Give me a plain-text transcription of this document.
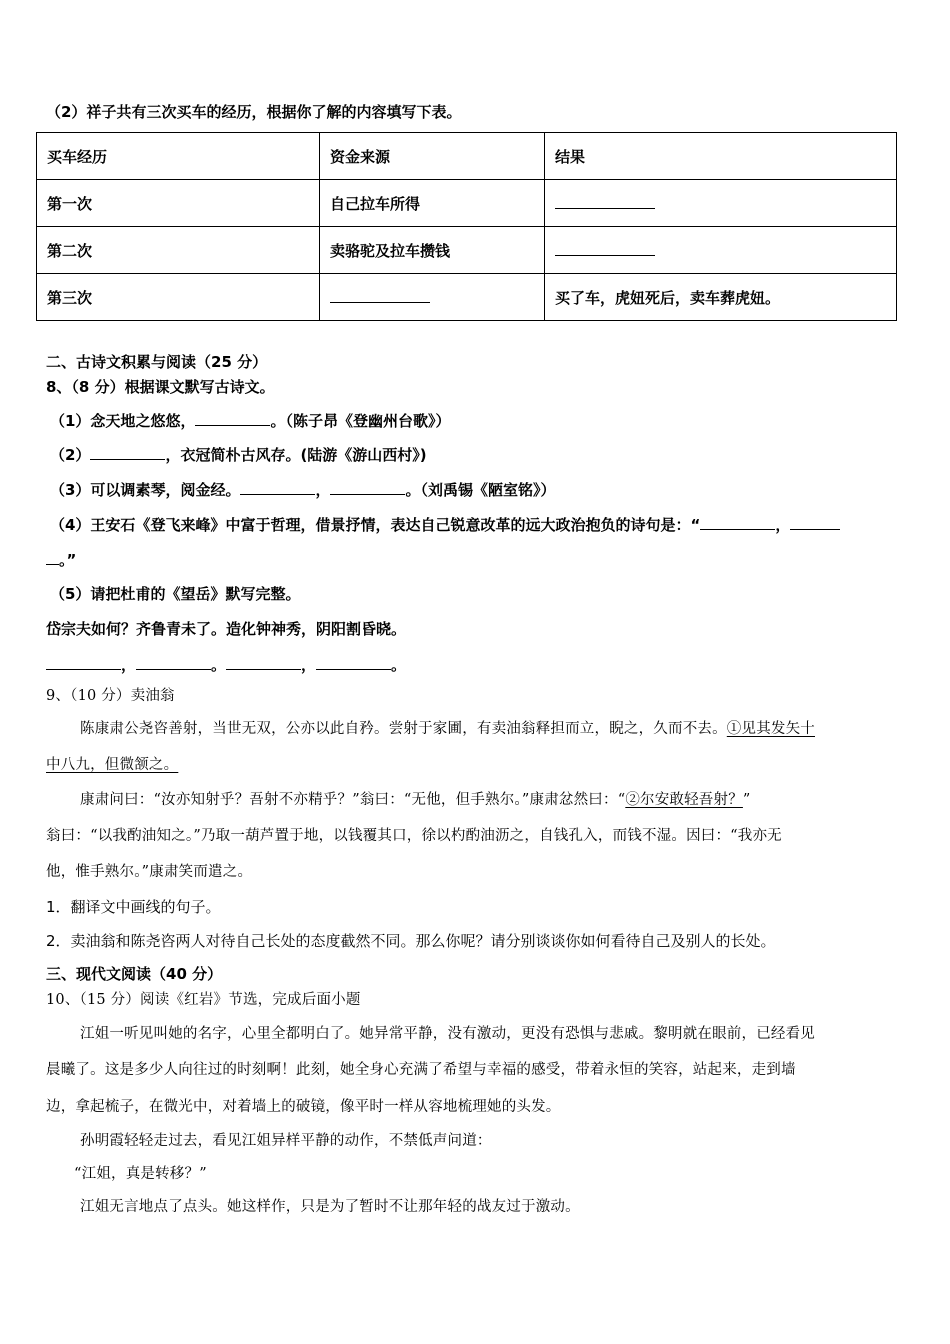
（2）祥子共有三次买车的经历，根据你了解的内容填写下表。
买车经历	资金来源	结果
第一次	自己拉车所得	
第二次	卖骆驼及拉车攒钱	
第三次		买了车，虎妞死后，卖车葬虎妞。
二、古诗文积累与阅读（25 分）
8、（8 分）根据课文默写古诗文。
（1）念天地之悠悠，	。（陈子昂《登幽州台歌》）
（2）	，衣冠简朴古风存。(陆游《游山西村》)
（3）可以调素琴，阅金经。	，	。（刘禹锡《陋室铭》）
（4）王安石《登飞来峰》中富于哲理，借景抒情，表达自己锐意改革的远大政治抱负的诗句是：“	，
。”
（5）请把杜甫的《望岳》默写完整。
岱宗夫如何？齐鲁青未了。造化钟神秀，阴阳割昏晓。
，	。	，	。
9、（10 分）卖油翁
陈康肃公尧咨善射，当世无双，公亦以此自矜。尝射于家圃，有卖油翁释担而立，睨之，久而不去。①见其发矢十
中八九，但微颔之。
康肃问曰：“汝亦知射乎？吾射不亦精乎？”翁曰：“无他，但手熟尔。”康肃忿然曰：“②尔安敢轻吾射？”
翁曰：“以我酌油知之。”乃取一葫芦置于地，以钱覆其口，徐以杓酌油沥之，自钱孔入，而钱不湿。因曰：“我亦无
他，惟手熟尔。”康肃笑而遣之。
1．翻译文中画线的句子。
2．卖油翁和陈尧咨两人对待自己长处的态度截然不同。那么你呢？请分别谈谈你如何看待自己及别人的长处。
三、现代文阅读（40 分）
10、（15 分）阅读《红岩》节选，完成后面小题
江姐一听见叫她的名字，心里全都明白了。她异常平静，没有激动，更没有恐惧与悲戚。黎明就在眼前，已经看见
晨曦了。这是多少人向往过的时刻啊！此刻，她全身心充满了希望与幸福的感受，带着永恒的笑容，站起来，走到墙
边，拿起梳子，在微光中，对着墙上的破镜，像平时一样从容地梳理她的头发。
孙明霞轻轻走过去，看见江姐异样平静的动作，不禁低声问道：
“江姐，真是转移？”
江姐无言地点了点头。她这样作，只是为了暂时不让那年轻的战友过于激动。
